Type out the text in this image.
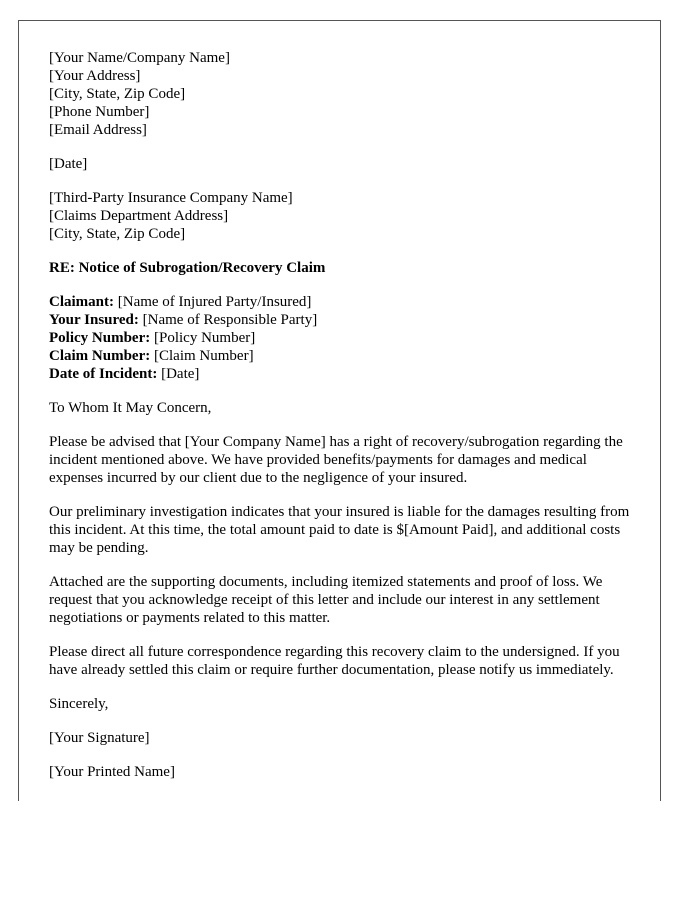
[Your Name/Company Name]
[Your Address]
[City, State, Zip Code]
[Phone Number]
[Email Address]
[Date]
[Third-Party Insurance Company Name]
[Claims Department Address]
[City, State, Zip Code]
RE: Notice of Subrogation/Recovery Claim
Claimant: [Name of Injured Party/Insured]
Your Insured: [Name of Responsible Party]
Policy Number: [Policy Number]
Claim Number: [Claim Number]
Date of Incident: [Date]
To Whom It May Concern,

Please be advised that [Your Company Name] has a right of recovery/subrogation regarding the incident mentioned above. We have provided benefits/payments for damages and medical expenses incurred by our client due to the negligence of your insured.

Our preliminary investigation indicates that your insured is liable for the damages resulting from this incident. At this time, the total amount paid to date is $[Amount Paid], and additional costs may be pending.

Attached are the supporting documents, including itemized statements and proof of loss. We request that you acknowledge receipt of this letter and include our interest in any settlement negotiations or payments related to this matter.

Please direct all future correspondence regarding this recovery claim to the undersigned. If you have already settled this claim or require further documentation, please notify us immediately.

Sincerely,
[Your Signature]
[Your Printed Name]
